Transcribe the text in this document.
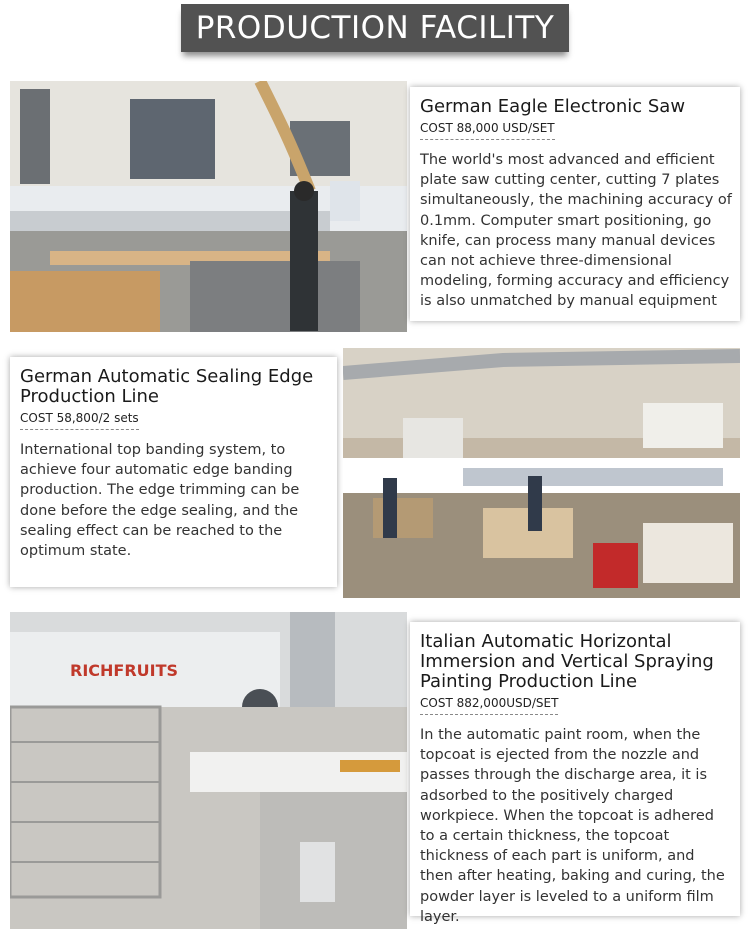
PRODUCTION FACILITY
German Eagle Electronic Saw
COST 88,000 USD/SET

The world's most advanced and efficient plate saw cutting center, cutting 7 plates simultaneously, the machining accuracy of 0.1mm. Computer smart positioning, go knife, can process many manual devices can not achieve three-dimensional modeling, forming accuracy and efficiency is also unmatched by manual equipment

German Automatic Sealing Edge Production Line
COST 58,800/2 sets

International top banding system, to achieve four automatic edge banding production. The edge trimming can be done before the edge sealing, and the sealing effect can be reached to the optimum state.

RICHFRUITS
Italian Automatic Horizontal Immersion and Vertical Spraying Painting Production Line
COST 882,000USD/SET

In the automatic paint room, when the topcoat is ejected from the nozzle and passes through the discharge area, it is adsorbed to the positively charged workpiece. When the topcoat is adhered to a certain thickness, the topcoat thickness of each part is uniform, and then after heating, baking and curing, the powder layer is leveled to a uniform film layer.
